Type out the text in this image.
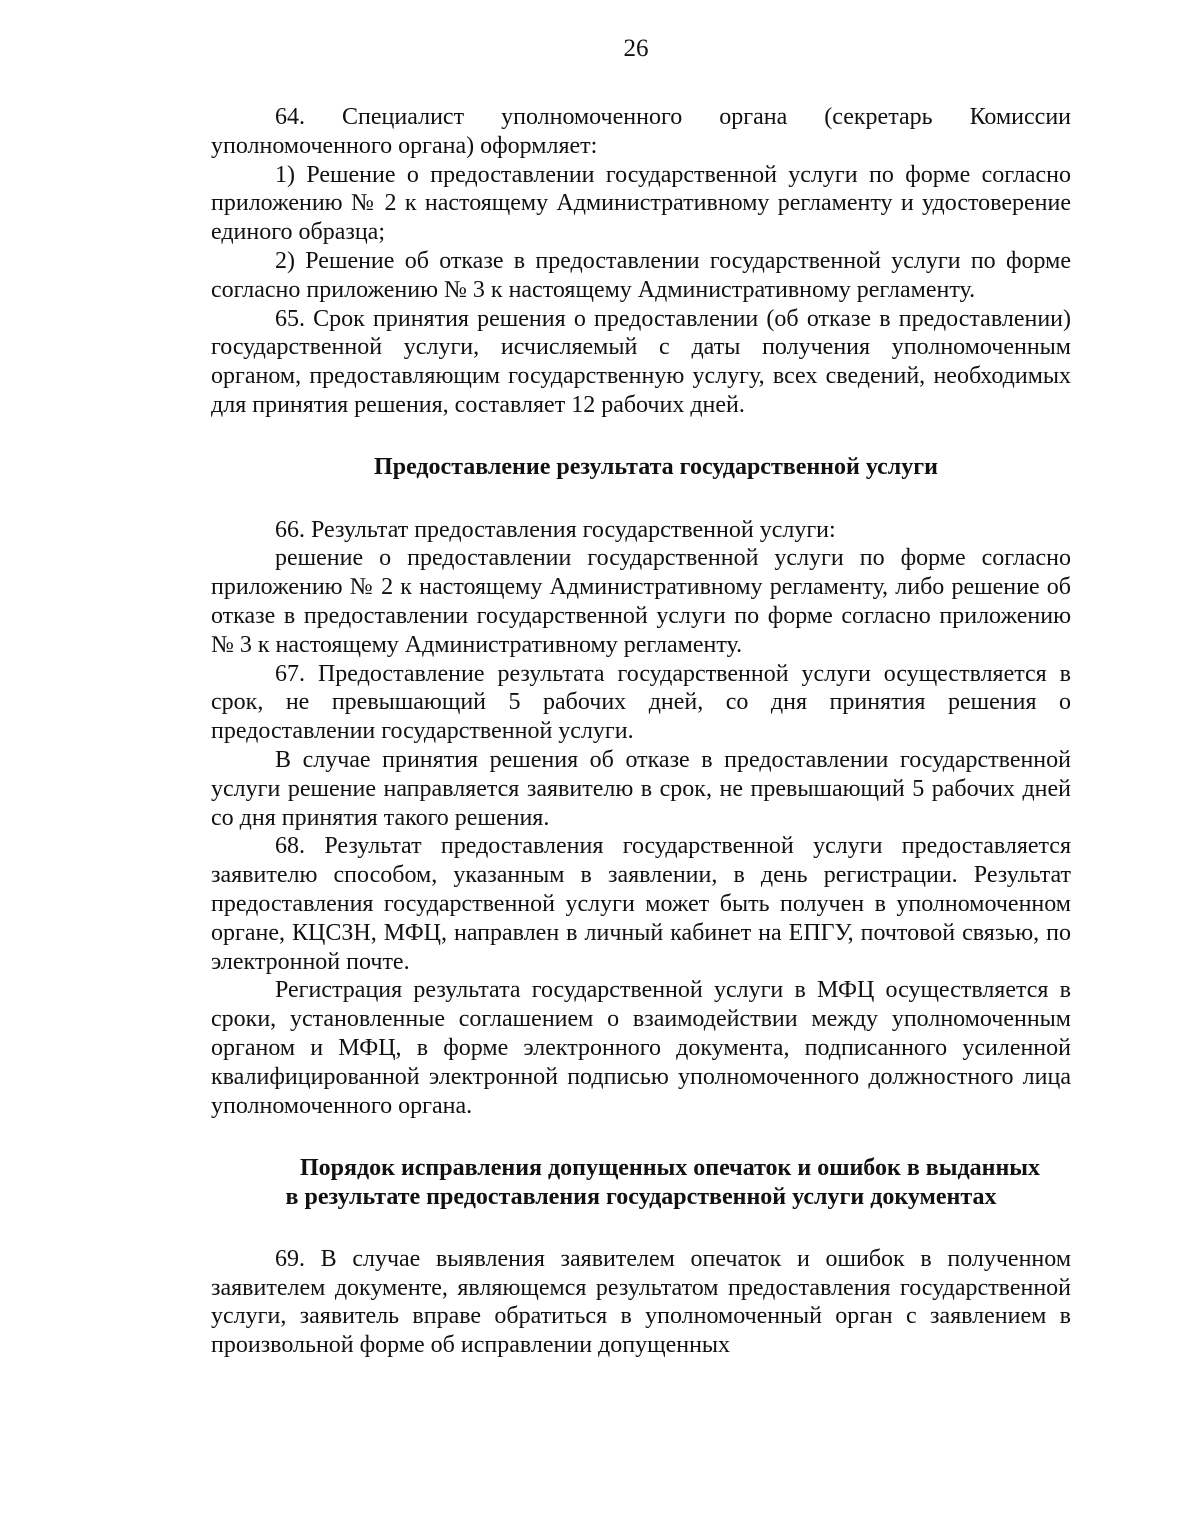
26

64. Специалист уполномоченного органа (секретарь Комиссии уполномоченного органа) оформляет:

1) Решение о предоставлении государственной услуги по форме согласно приложению № 2 к настоящему Административному регламенту и удостоверение единого образца;

2) Решение об отказе в предоставлении государственной услуги по форме согласно приложению № 3 к настоящему Административному регламенту.

65. Срок принятия решения о предоставлении (об отказе в предоставлении) государственной услуги, исчисляемый с даты получения уполномоченным органом, предоставляющим государственную услугу, всех сведений, необходимых для принятия решения, составляет 12 рабочих дней.

Предоставление результата государственной услуги

66. Результат предоставления государственной услуги:

решение о предоставлении государственной услуги по форме согласно приложению № 2 к настоящему Административному регламенту, либо решение об отказе в предоставлении государственной услуги по форме согласно приложению № 3 к настоящему Административному регламенту.

67. Предоставление результата государственной услуги осуществляется в срок, не превышающий 5 рабочих дней, со дня принятия решения о предоставлении государственной услуги.

В случае принятия решения об отказе в предоставлении государственной услуги решение направляется заявителю в срок, не превышающий 5 рабочих дней со дня принятия такого решения.

68. Результат предоставления государственной услуги предоставляется заявителю способом, указанным в заявлении, в день регистрации. Результат предоставления государственной услуги может быть получен в уполномоченном органе, КЦСЗН, МФЦ, направлен в личный кабинет на ЕПГУ, почтовой связью, по электронной почте.

Регистрация результата государственной услуги в МФЦ осуществляется в сроки, установленные соглашением о взаимодействии между уполномоченным органом и МФЦ, в форме электронного документа, подписанного усиленной квалифицированной электронной подписью уполномоченного должностного лица уполномоченного органа.

Порядок исправления допущенных опечаток и ошибок в выданных
в результате предоставления государственной услуги документах

69. В случае выявления заявителем опечаток и ошибок в полученном заявителем документе, являющемся результатом предоставления государственной услуги, заявитель вправе обратиться в уполномоченный орган с заявлением в произвольной форме об исправлении допущенных
